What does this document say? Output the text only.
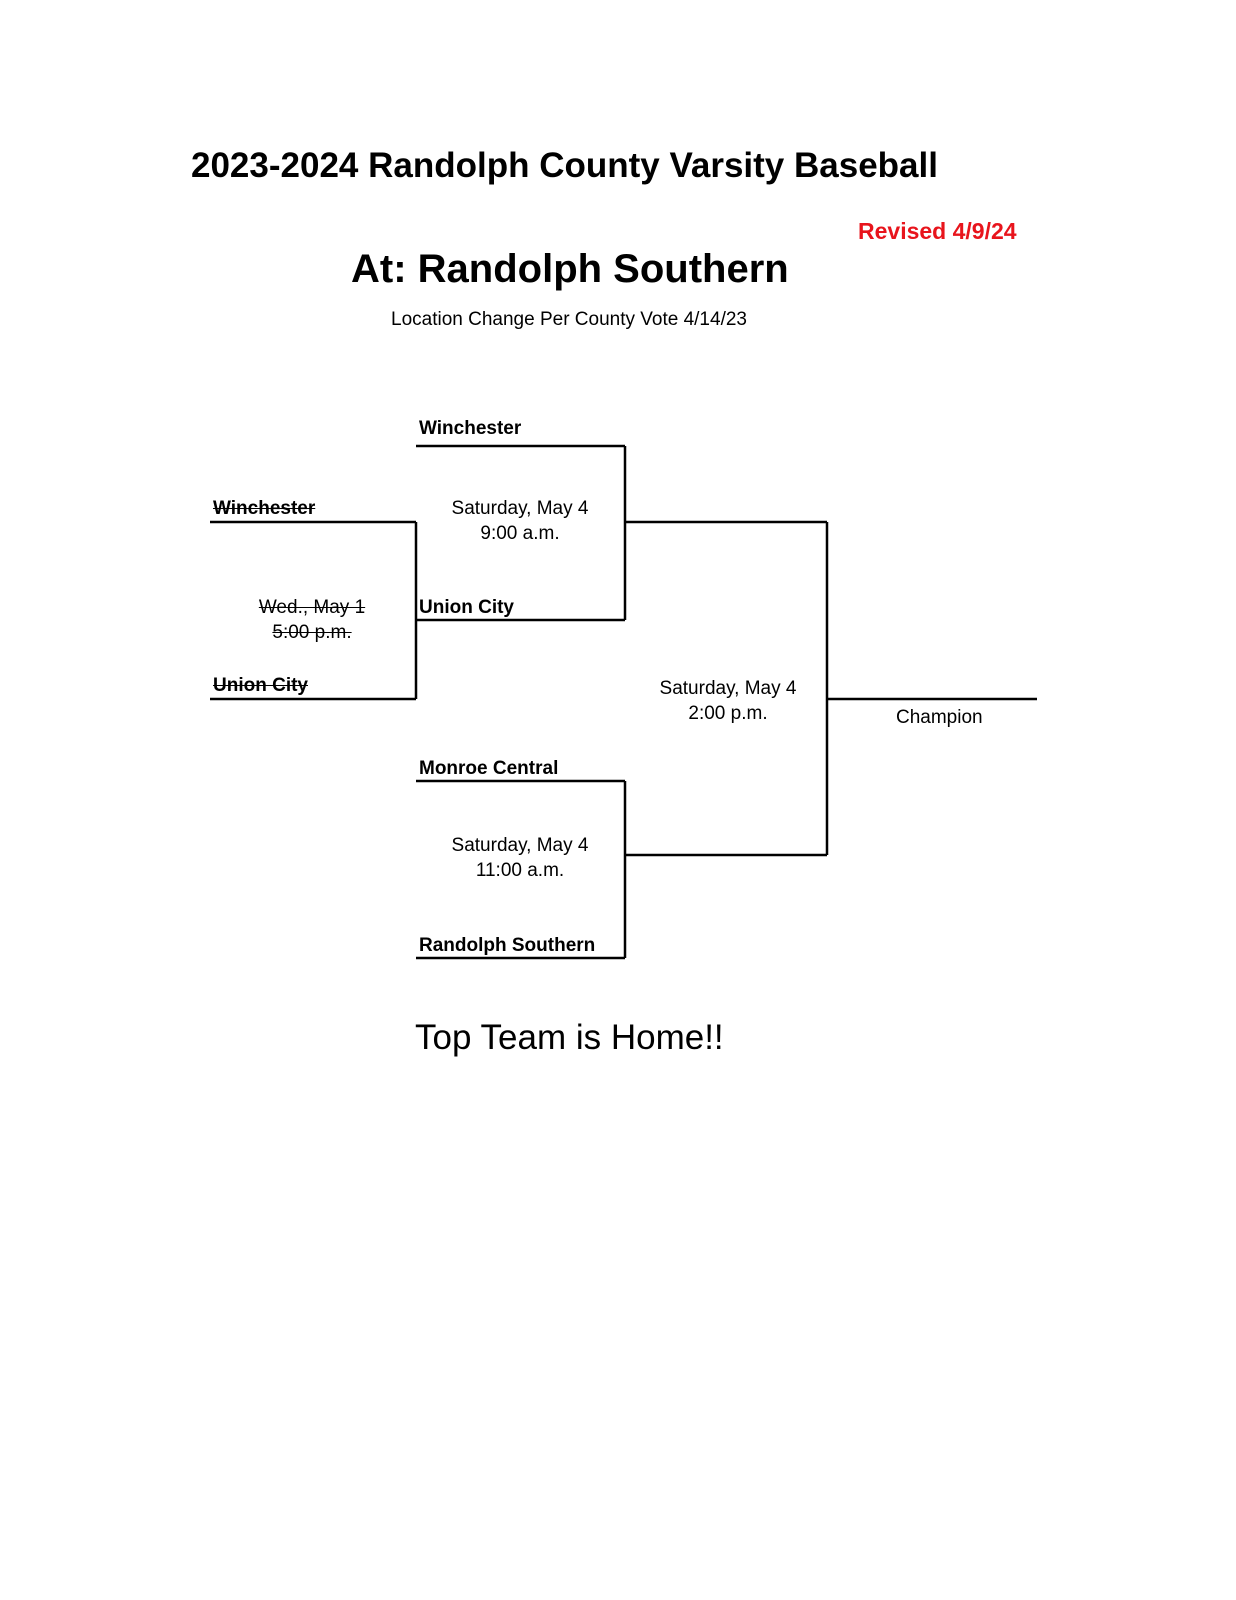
2023-2024 Randolph County Varsity Baseball
Revised 4/9/24
At: Randolph Southern
Location Change Per County Vote 4/14/23
Winchester
Union City
Wed., May 1
5:00 p.m.
Winchester
Union City
Saturday, May 4
9:00 a.m.
Monroe Central
Randolph Southern
Saturday, May 4
11:00 a.m.
Saturday, May 4
2:00 p.m.	Champion
Top Team is Home!!
